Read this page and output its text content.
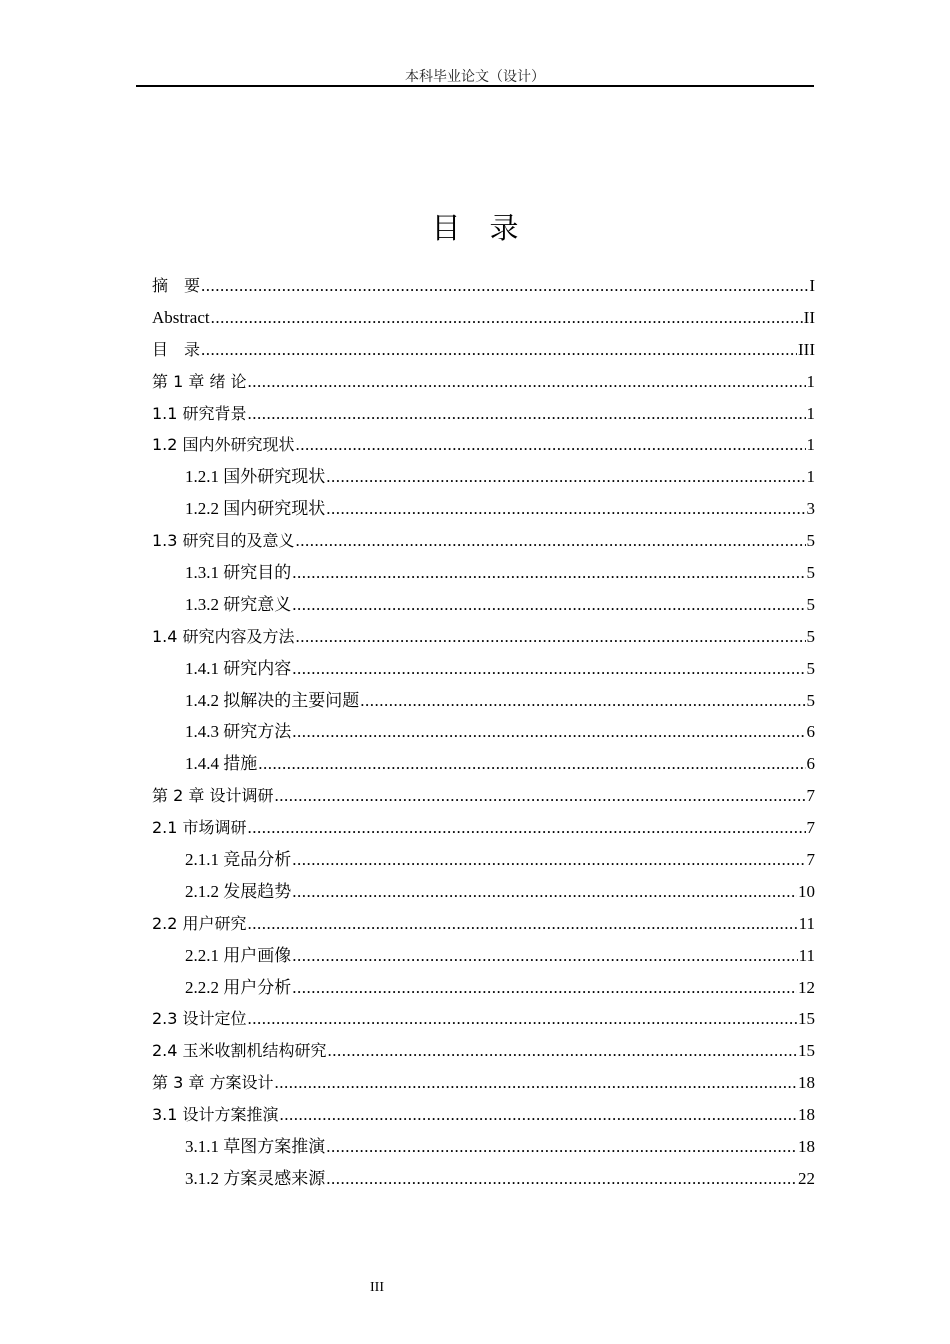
本科毕业论文（设计）
目　录
摘　要 .....	I
Abstract .....	II
目　录 .....	III
第 1 章 绪 论 .....	1
1.1 研究背景 .....	1
1.2 国内外研究现状 .....	1
1.2.1 国外研究现状 .....	1
1.2.2 国内研究现状 .....	3
1.3 研究目的及意义 .....	5
1.3.1 研究目的 .....	5
1.3.2 研究意义 .....	5
1.4 研究内容及方法 .....	5
1.4.1 研究内容 .....	5
1.4.2 拟解决的主要问题 .....	5
1.4.3 研究方法 .....	6
1.4.4 措施 .....	6
第 2 章 设计调研 .....	7
2.1 市场调研 .....	7
2.1.1 竞品分析 .....	7
2.1.2 发展趋势 .....	10
2.2 用户研究 .....	11
2.2.1 用户画像 .....	11
2.2.2 用户分析 .....	12
2.3 设计定位 .....	15
2.4 玉米收割机结构研究 .....	15
第 3 章 方案设计 .....	18
3.1 设计方案推演 .....	18
3.1.1 草图方案推演 .....	18
3.1.2 方案灵感来源 .....	22
III
